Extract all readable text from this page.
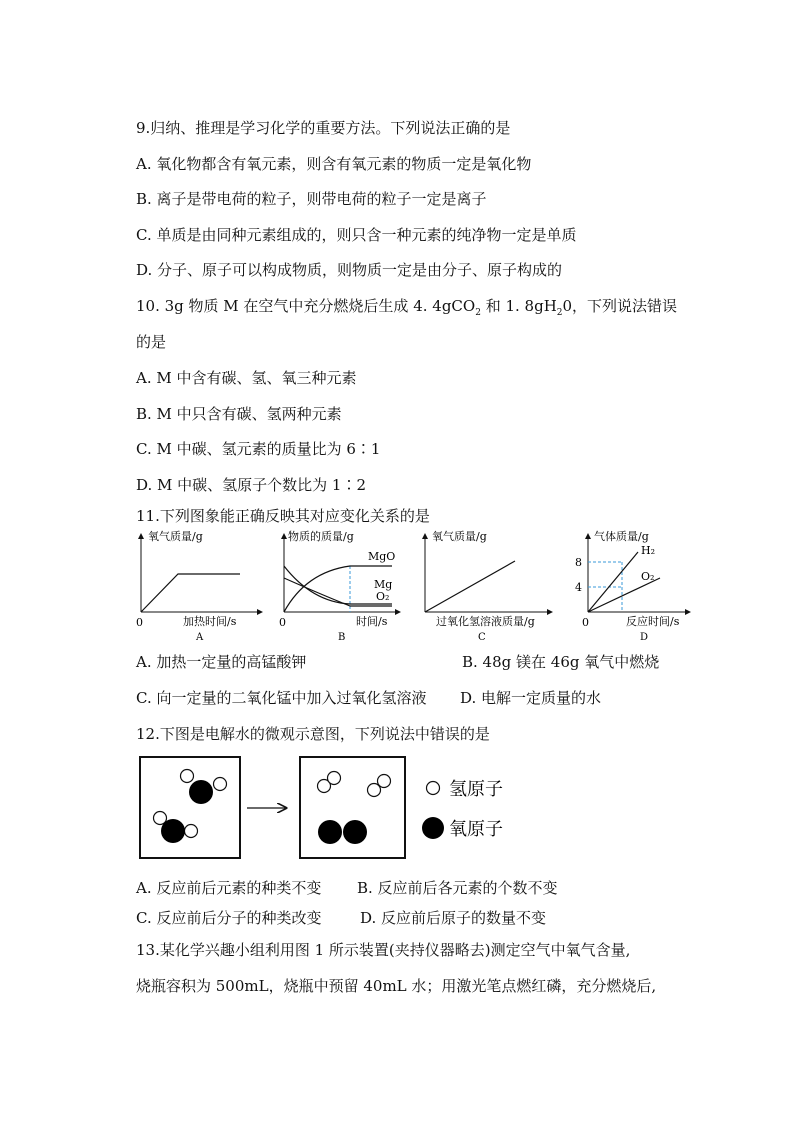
9.归纳、推理是学习化学的重要方法。下列说法正确的是
A. 氧化物都含有氧元素，则含有氧元素的物质一定是氧化物
B. 离子是带电荷的粒子，则带电荷的粒子一定是离子
C. 单质是由同种元素组成的，则只含一种元素的纯净物一定是单质
D. 分子、原子可以构成物质，则物质一定是由分子、原子构成的
10. 3g 物质 M 在空气中充分燃烧后生成 4. 4gCO$_2$ 和 1. $8gH_20$，下列说法错误
的是
A. M 中含有碳、氢、氧三种元素
B. M 中只含有碳、氢两种元素
C. M 中碳、氢元素的质量比为 6∶1
D. M 中碳、氢原子个数比为 1∶2
11.下列图象能正确反映其对应变化关系的是
氧气质量/g
0	加热时间/s
A
物质的质量/g
MgO
Mg
O₂
0	时间/s
B
氧气质量/g
过氧化氢溶液质量/g
C
气体质量/g
8
4
H₂
O₂
0	反应时间/s
D
A. 加热一定量的高锰酸钾	B. 48g 镁在 46g 氧气中燃烧
C. 向一定量的二氧化锰中加入过氧化氢溶液 D. 电解一定质量的水
12.下图是电解水的微观示意图，下列说法中错误的是
氢原子
氧原子
A. 反应前后元素的种类不变 B. 反应前后各元素的个数不变
C. 反应前后分子的种类改变	D. 反应前后原子的数量不变
13.某化学兴趣小组利用图 1 所示装置(夹持仪器略去)测定空气中氧气含量,
烧瓶容积为 500mL，烧瓶中预留 40mL 水；用激光笔点燃红磷，充分燃烧后,
